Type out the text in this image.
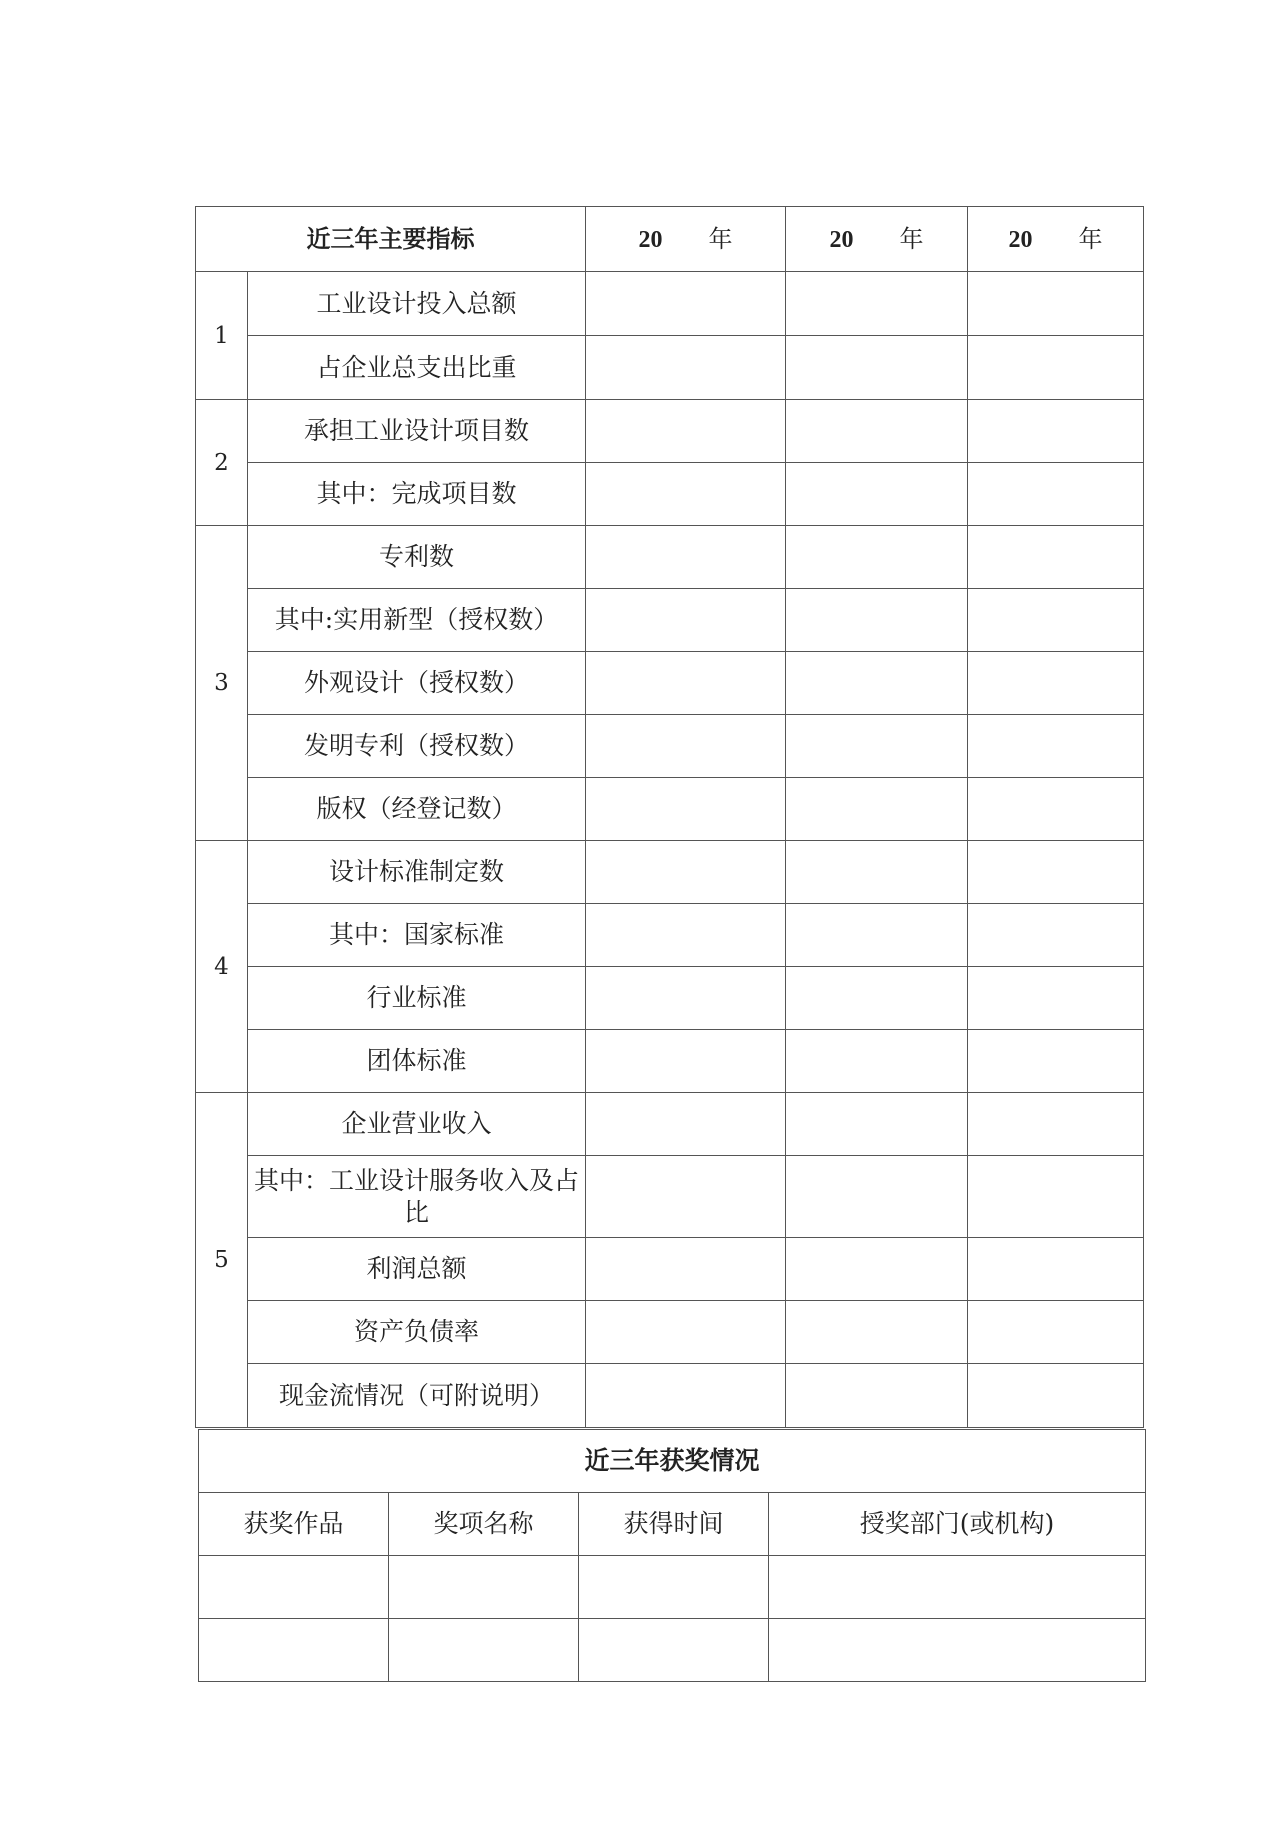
近三年主要指标		20 年	20 年	20 年
1	工业设计投入总额			
	占企业总支出比重			
2	承担工业设计项目数			
	其中：完成项目数			
3	专利数			
	其中:实用新型（授权数）			
	外观设计（授权数）			
	发明专利（授权数）			
	版权（经登记数）			
4	设计标准制定数			
	其中：国家标准			
	行业标准			
	团体标准			
5	企业营业收入			
	其中：工业设计服务收入及占比			
	利润总额			
	资产负债率			
	现金流情况（可附说明）			
近三年获奖情况			
获奖作品	奖项名称	获得时间	授奖部门(或机构)
